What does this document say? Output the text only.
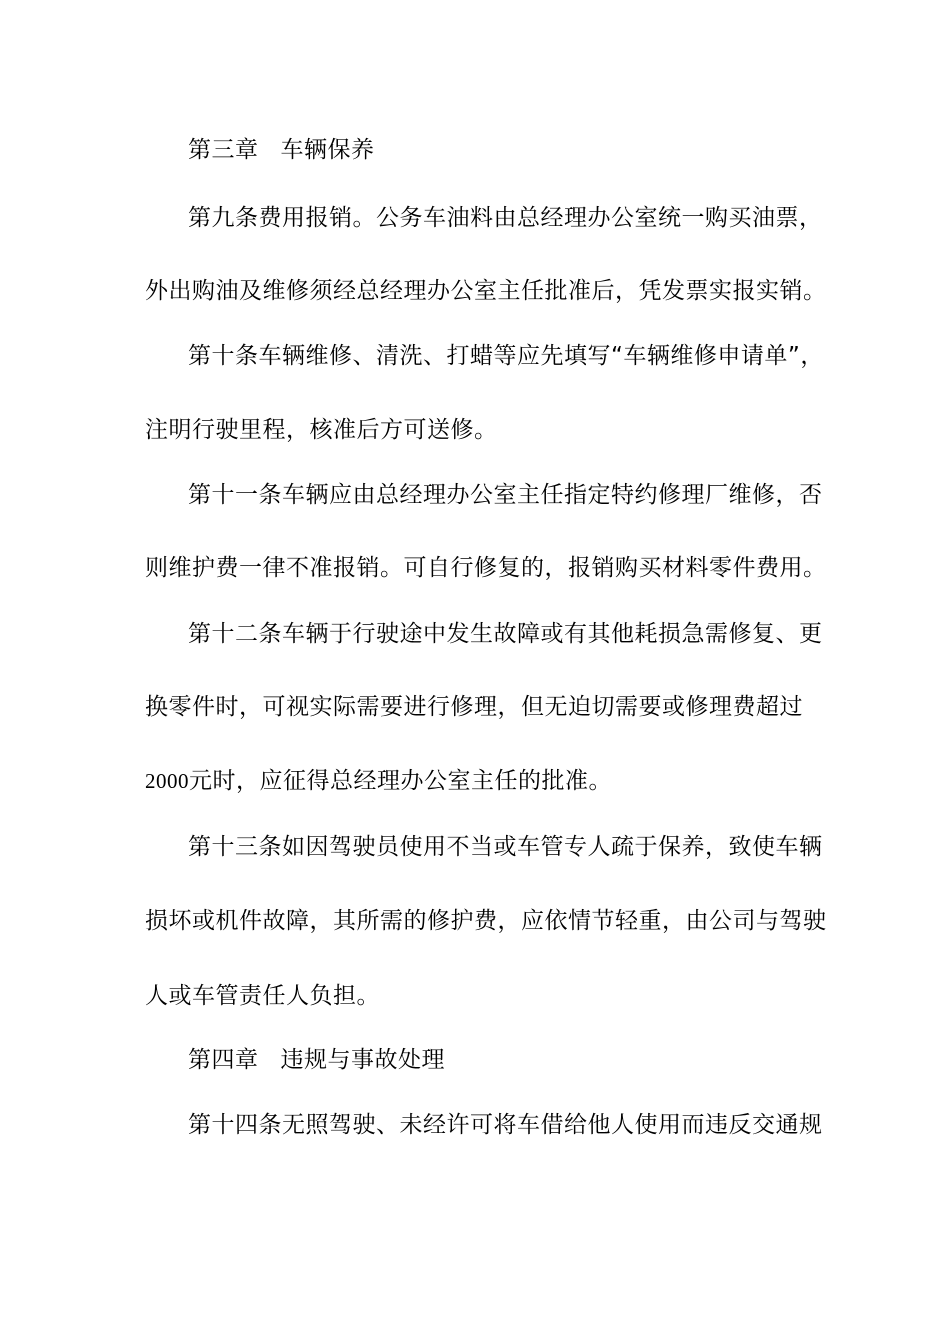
第三章 车辆保养
第九条费用报销。公务车油料由总经理办公室统一购买油票，
外出购油及维修须经总经理办公室主任批准后，凭发票实报实销。
第十条车辆维修、清洗、打蜡等应先填写“车辆维修申请单”，
注明行驶里程，核准后方可送修。
第十一条车辆应由总经理办公室主任指定特约修理厂维修，否
则维护费一律不准报销。可自行修复的，报销购买材料零件费用。
第十二条车辆于行驶途中发生故障或有其他耗损急需修复、更
换零件时，可视实际需要进行修理，但无迫切需要或修理费超过
2000元时，应征得总经理办公室主任的批准。
第十三条如因驾驶员使用不当或车管专人疏于保养，致使车辆
损坏或机件故障，其所需的修护费，应依情节轻重，由公司与驾驶
人或车管责任人负担。
第四章 违规与事故处理
第十四条无照驾驶、未经许可将车借给他人使用而违反交通规
